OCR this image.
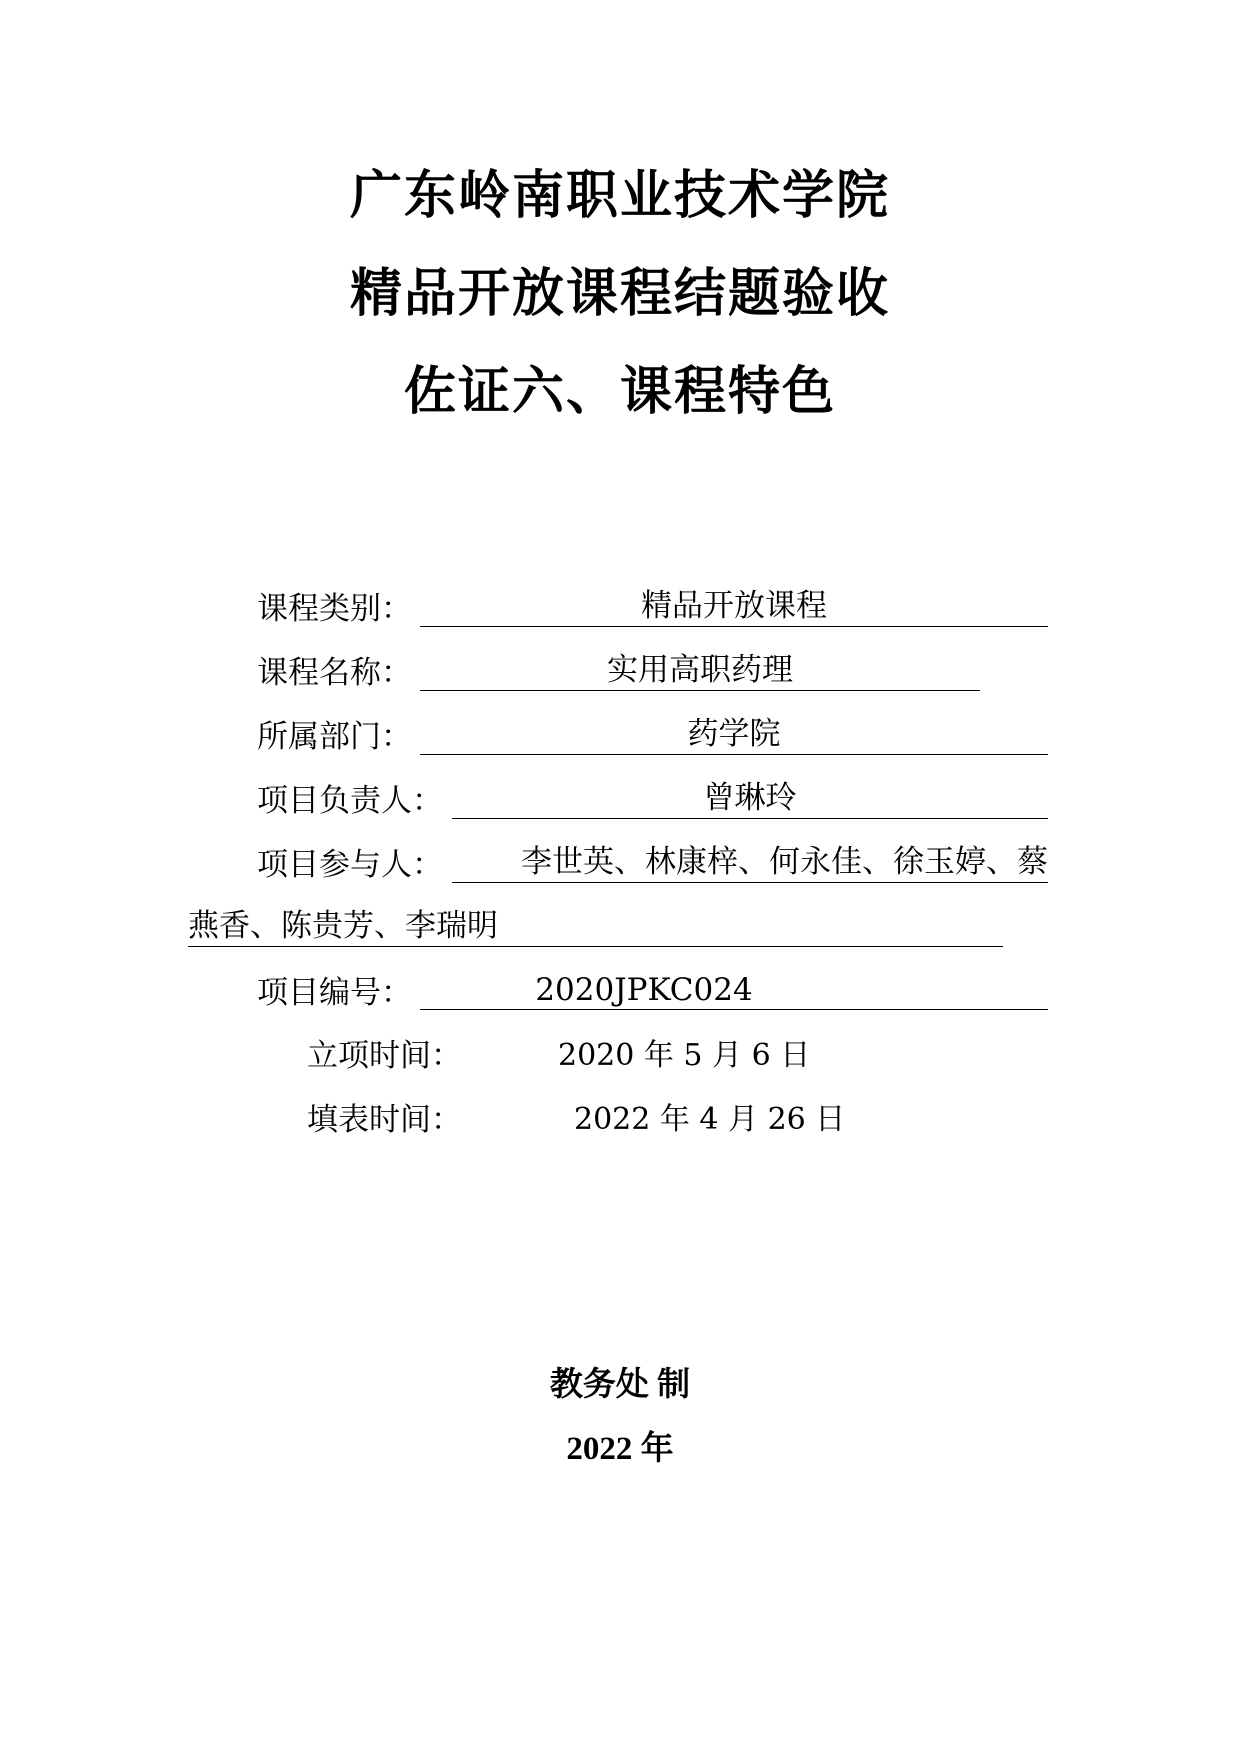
广东岭南职业技术学院
精品开放课程结题验收
佐证六、课程特色
课程类别：	精品开放课程
课程名称：	实用高职药理
所属部门：	药学院
项目负责人：	曾琳玲
项目参与人：	李世英、林康梓、何永佳、徐玉婷、蔡
燕香、陈贵芳、李瑞明
项目编号：	2020JPKC024
立项时间：	2020 年 5 月 6 日
填表时间：	2022 年 4 月 26 日
教务处 制
2022 年
